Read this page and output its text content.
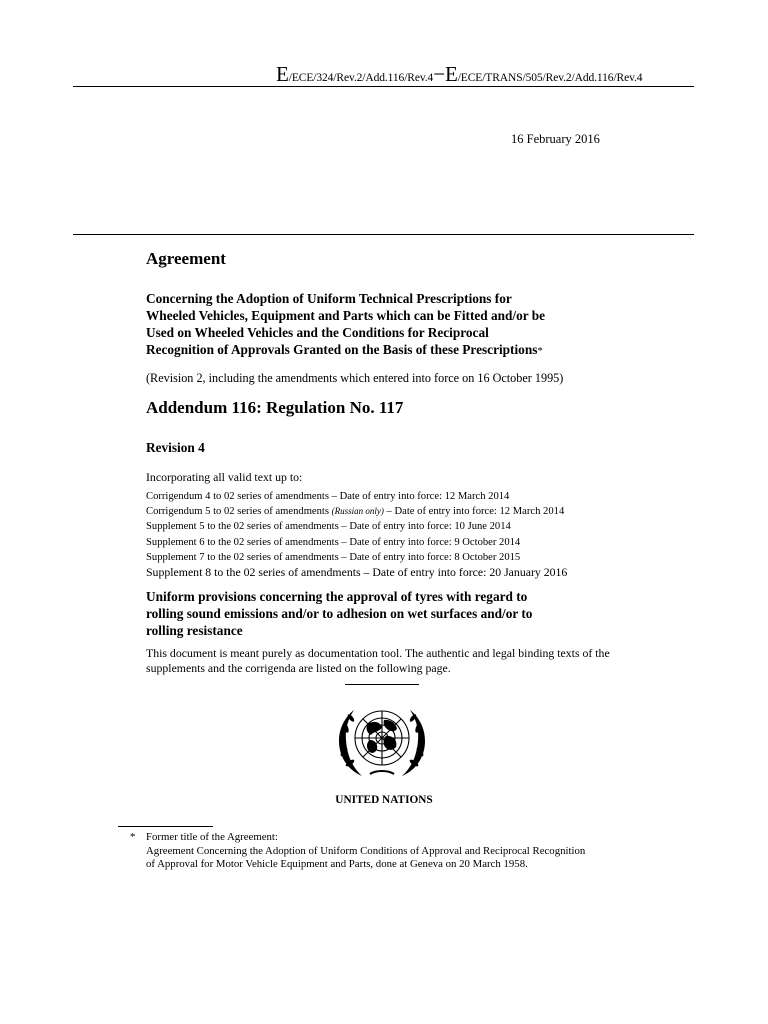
E/ECE/324/Rev.2/Add.116/Rev.4−E/ECE/TRANS/505/Rev.2/Add.116/Rev.4
16 February 2016
Agreement
Concerning the Adoption of Uniform Technical Prescriptions for
Wheeled Vehicles, Equipment and Parts which can be Fitted and/or be
Used on Wheeled Vehicles and the Conditions for Reciprocal
Recognition of Approvals Granted on the Basis of these Prescriptions*
(Revision 2, including the amendments which entered into force on 16 October 1995)
Addendum 116: Regulation No. 117
Revision 4
Incorporating all valid text up to:
Corrigendum 4 to 02 series of amendments – Date of entry into force: 12 March 2014
Corrigendum 5 to 02 series of amendments (Russian only) – Date of entry into force: 12 March 2014
Supplement 5 to the 02 series of amendments – Date of entry into force: 10 June 2014
Supplement 6 to the 02 series of amendments – Date of entry into force: 9 October 2014
Supplement 7 to the 02 series of amendments – Date of entry into force: 8 October 2015
Supplement 8 to the 02 series of amendments – Date of entry into force: 20 January 2016
Uniform provisions concerning the approval of tyres with regard to
rolling sound emissions and/or to adhesion on wet surfaces and/or to
rolling resistance
This document is meant purely as documentation tool. The authentic and legal binding texts of the
supplements and the corrigenda are listed on the following page.
UNITED NATIONS
* Former title of the Agreement:
Agreement Concerning the Adoption of Uniform Conditions of Approval and Reciprocal Recognition
of Approval for Motor Vehicle Equipment and Parts, done at Geneva on 20 March 1958.
